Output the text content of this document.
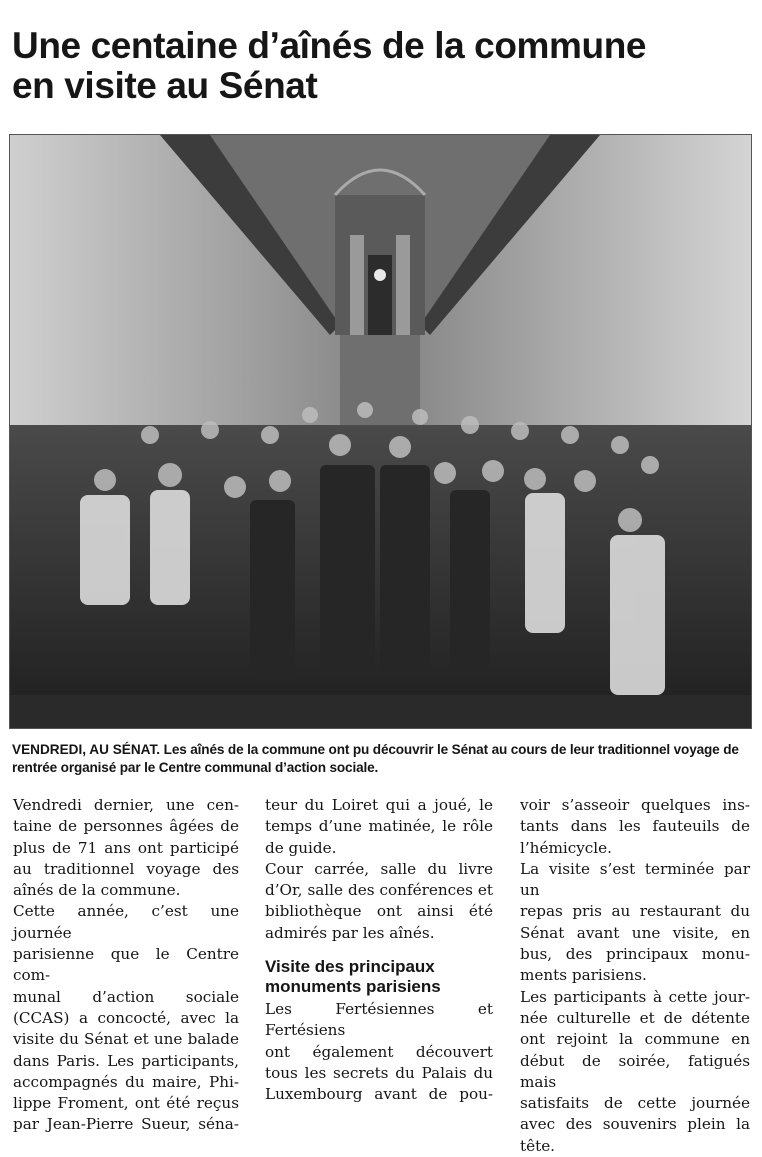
Une centaine d’aînés de la commune
en visite au Sénat
VENDREDI, AU SÉNAT. Les aînés de la commune ont pu découvrir le Sénat au cours de leur traditionnel voyage de rentrée organisé par le Centre communal d’action sociale.
Vendredi dernier, une cen-
taine de personnes âgées de
plus de 71 ans ont participé
au traditionnel voyage des
aînés de la commune.
Cette année, c’est une journée
parisienne que le Centre com-
munal d’action sociale
(CCAS) a concocté, avec la
visite du Sénat et une balade
dans Paris. Les participants,
accompagnés du maire, Phi-
lippe Froment, ont été reçus
par Jean-Pierre Sueur, séna-
teur du Loiret qui a joué, le
temps d’une matinée, le rôle
de guide.
Cour carrée, salle du livre
d’Or, salle des conférences et
bibliothèque ont ainsi été
admirés par les aînés.
Visite des principaux
monuments parisiens
Les Fertésiennes et Fertésiens
ont également découvert
tous les secrets du Palais du
Luxembourg avant de pou-
voir s’asseoir quelques ins-
tants dans les fauteuils de
l’hémicycle.
La visite s’est terminée par un
repas pris au restaurant du
Sénat avant une visite, en
bus, des principaux monu-
ments parisiens.
Les participants à cette jour-
née culturelle et de détente
ont rejoint la commune en
début de soirée, fatigués mais
satisfaits de cette journée
avec des souvenirs plein la
tête.
